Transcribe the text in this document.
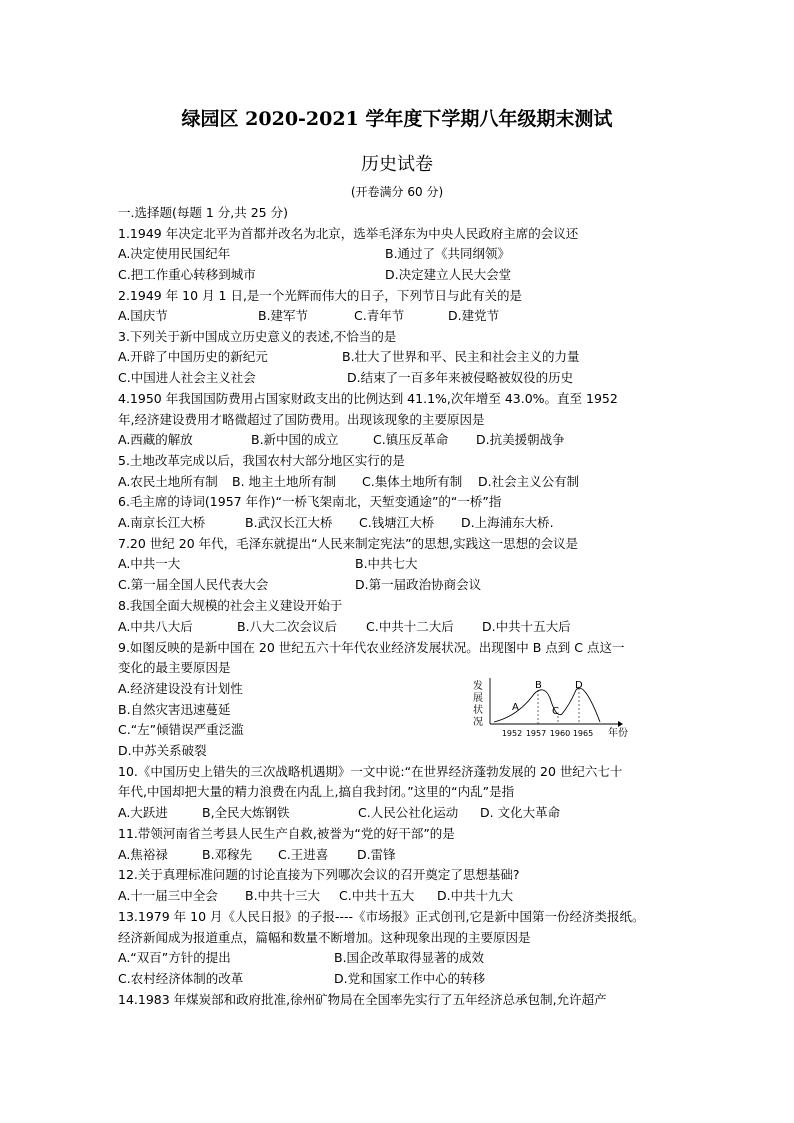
绿园区 2020-2021 学年度下学期八年级期末测试
历史试卷
(开卷满分 60 分)
一.选择题(每题 1 分,共 25 分)
1.1949 年决定北平为首都并改名为北京，选举毛泽东为中央人民政府主席的会议还
A.决定使用民国纪年	B.通过了《共同纲领》
C.把工作重心转移到城市	D.决定建立人民大会堂
2.1949 年 10 月 1 日,是一个光辉而伟大的日子，下列节日与此有关的是
A.国庆节	B.建军节	C.青年节	D.建党节
3.下列关于新中国成立历史意义的表述,不恰当的是
A.开辟了中国历史的新纪元	B.壮大了世界和平、民主和社会主义的力量
C.中国进人社会主义社会	D.结束了一百多年来被侵略被奴役的历史
4.1950 年我国国防费用占国家财政支出的比例达到 41.1%,次年增至 43.0%。直至 1952
年,经济建设费用才略微超过了国防费用。出现该现象的主要原因是
A.西藏的解放	B.新中国的成立	C.镇压反革命 D.抗美援朝战争
5.土地改革完成以后，我国农村大部分地区实行的是
A.农民土地所有制 B. 地主土地所有制 C.集体土地所有制 D.社会主义公有制
6.毛主席的诗词(1957 年作)“一桥飞架南北，天堑变通途”的“一桥”指
A.南京长江大桥	B.武汉长江大桥 C.钱塘江大桥 D.上海浦东大桥.
7.20 世纪 20 年代，毛泽东就提出“人民来制定宪法”的思想,实践这一思想的会议是
A.中共一大	B.中共七大
C.第一届全国人民代表大会	D.第一届政治协商会议
8.我国全面大规模的社会主义建设开始于
A.中共八大后	B.八大二次会议后 C.中共十二大后 D.中共十五大后
9.如图反映的是新中国在 20 世纪五六十年代农业经济发展状况。出现图中 B 点到 C 点这一
变化的最主要原因是
A.经济建设没有计划性
B.自然灾害迅速蔓延
C.“左”倾错误严重泛滥
D.中苏关系破裂
发
展
状
况
A
B
C
D
1952 1957 1960 1965 年份
10.《中国历史上错失的三次战略机遇期》一文中说:“在世界经济蓬勃发展的 20 世纪六七十
年代,中国却把大量的精力浪费在内乱上,搞自我封闭。”这里的“内乱”是指
A.大跃进	B,全民大炼钢铁	C.人民公社化运动 D. 文化大革命
11.带领河南省兰考县人民生产自救,被誉为“党的好干部”的是
A.焦裕禄	B.邓稼先 C.王进喜 D.雷锋
12.关于真理标准问题的讨论直接为下列哪次会议的召开奠定了思想基础?
A.十一届三中全会 B.中共十三大 C.中共十五大 D.中共十九大
13.1979 年 10 月《人民日报》的子报----《市场报》正式创刊,它是新中国第一份经济类报纸。
经济新闻成为报道重点，篇幅和数量不断增加。这种现象出现的主要原因是
A.“双百”方针的提出	B.国企改革取得显著的成效
C.农村经济体制的改革	D.党和国家工作中心的转移
14.1983 年煤炭部和政府批准,徐州矿物局在全国率先实行了五年经济总承包制,允许超产
